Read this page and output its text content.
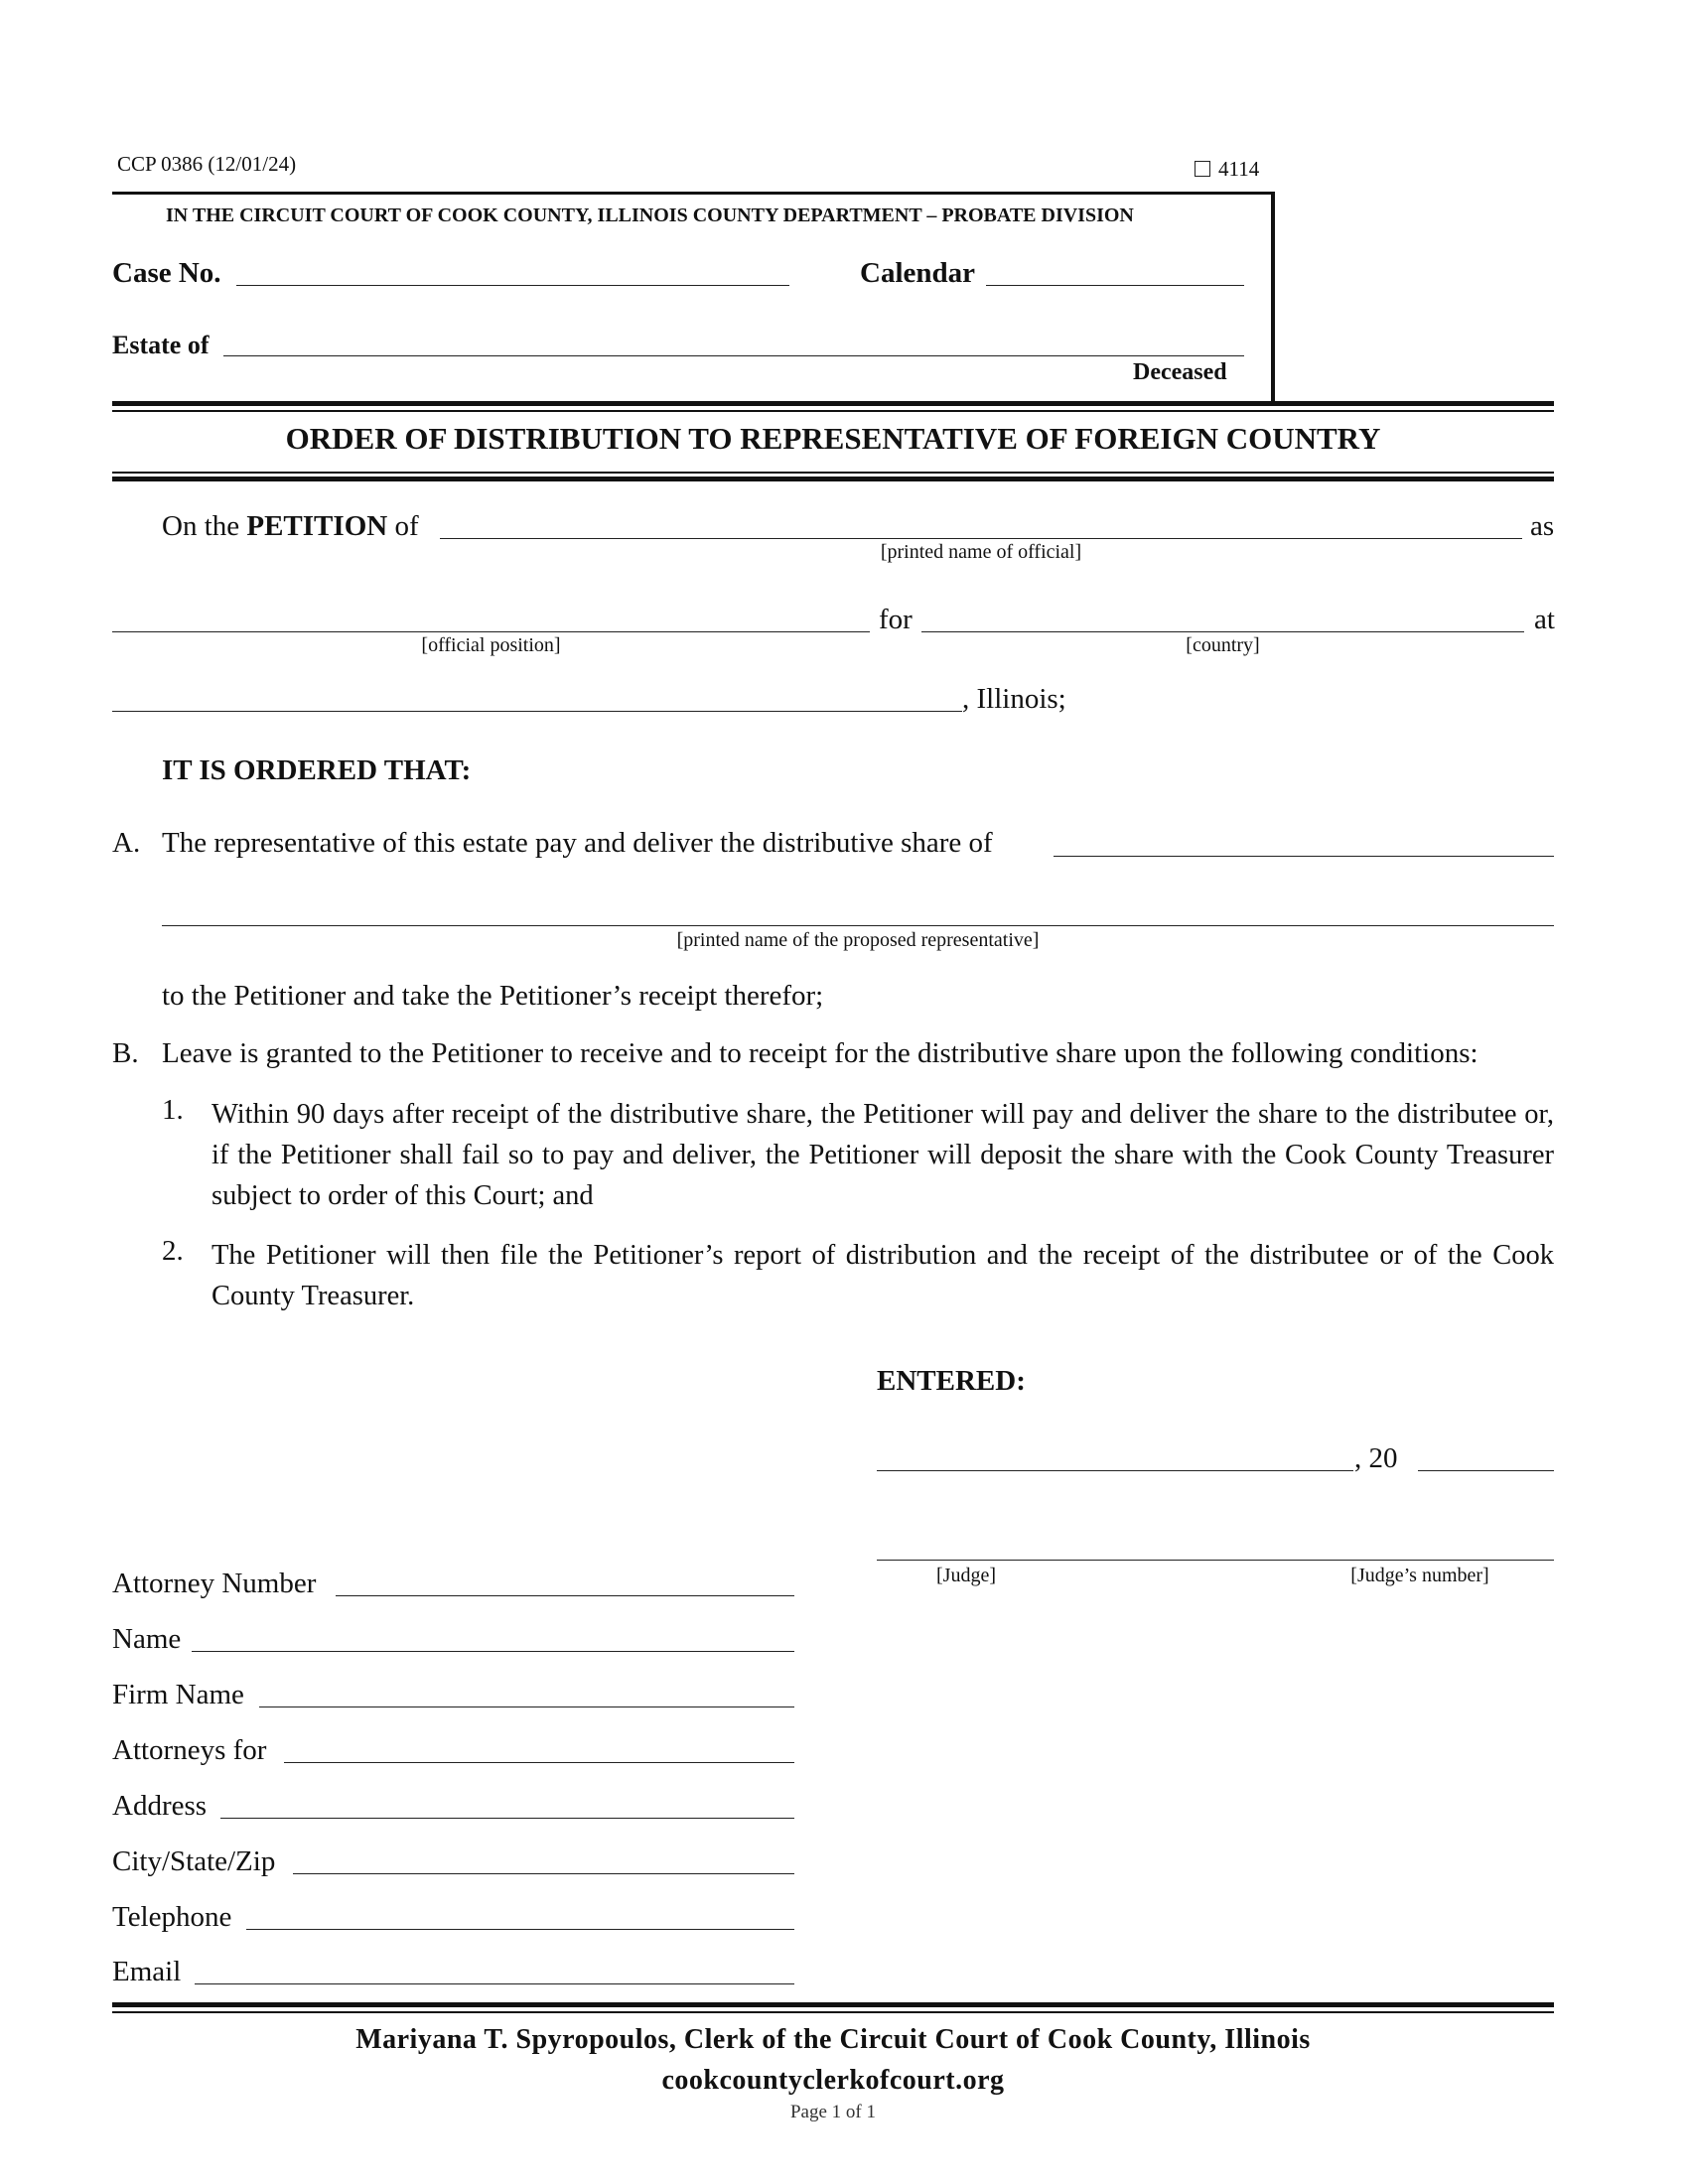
CCP 0386 (12/01/24)	4114
IN THE CIRCUIT COURT OF COOK COUNTY, ILLINOIS COUNTY DEPARTMENT – PROBATE DIVISION
Case No.	Calendar
Estate of
Deceased
ORDER OF DISTRIBUTION TO REPRESENTATIVE OF FOREIGN COUNTRY
On the PETITION of	as
[printed name of official]
for	at
[official position]	[country]
, Illinois;
IT IS ORDERED THAT:
A. The representative of this estate pay and deliver the distributive share of
[printed name of the proposed representative]
to the Petitioner and take the Petitioner’s receipt therefor;
B. Leave is granted to the Petitioner to receive and to receipt for the distributive share upon the following conditions:
1. Within 90 days after receipt of the distributive share, the Petitioner will pay and deliver the share to the distributee or, if the Petitioner shall fail so to pay and deliver, the Petitioner will deposit the share with the Cook County Treasurer subject to order of this Court; and
2. The Petitioner will then file the Petitioner’s report of distribution and the receipt of the distributee or of the Cook County Treasurer.
ENTERED:
, 20
[Judge]	[Judge’s number]
Attorney Number
Name
Firm Name
Attorneys for
Address
City/State/Zip
Telephone
Email
Mariyana T. Spyropoulos, Clerk of the Circuit Court of Cook County, Illinois
cookcountyclerkofcourt.org
Page 1 of 1
